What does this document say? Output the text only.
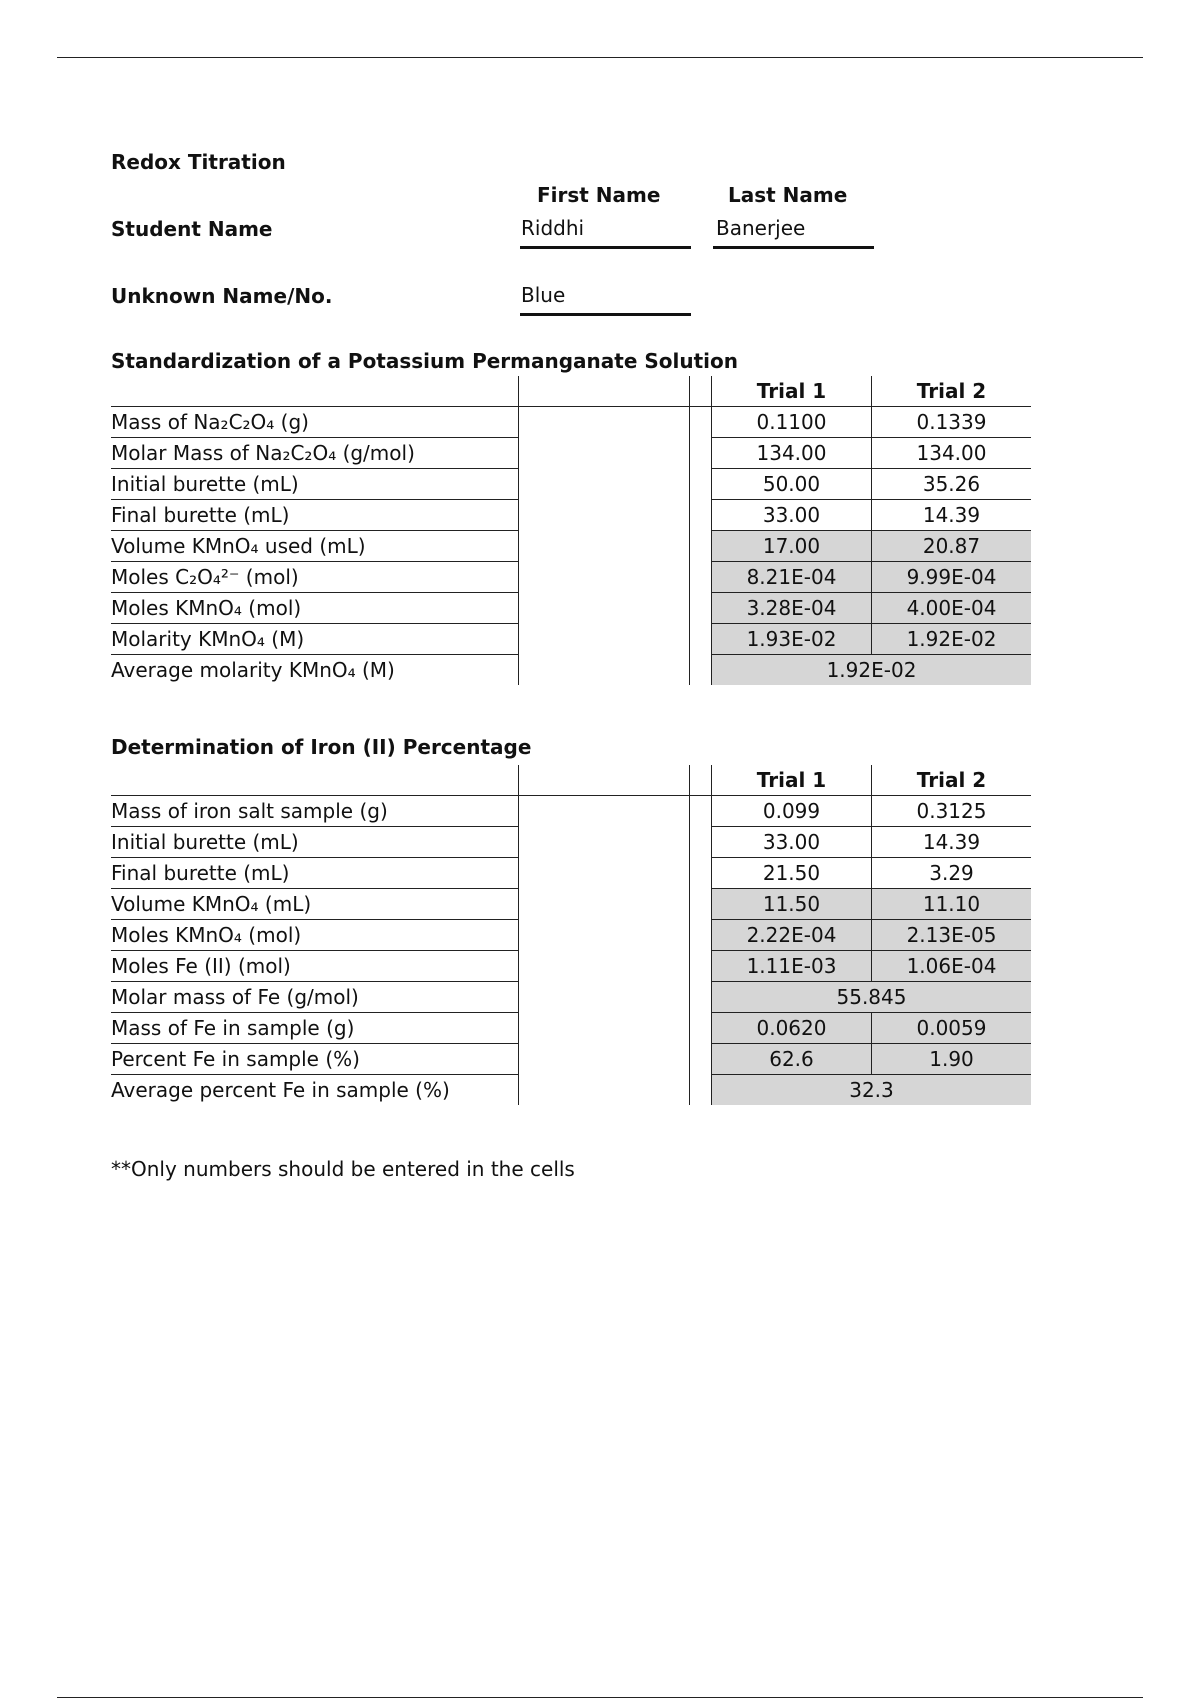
Redox Titration
First Name	Last Name
Student Name	Riddhi	Banerjee
Unknown Name/No.	Blue
Standardization of a Potassium Permanganate Solution
			Trial 1	Trial 2
Mass of Na₂C₂O₄ (g)			0.1100	0.1339
Molar Mass of Na₂C₂O₄ (g/mol)			134.00	134.00
Initial burette (mL)			50.00	35.26
Final burette (mL)			33.00	14.39
Volume KMnO₄ used (mL)			17.00	20.87
Moles C₂O₄²⁻ (mol)			8.21E-04	9.99E-04
Moles KMnO₄ (mol)			3.28E-04	4.00E-04
Molarity KMnO₄ (M)			1.93E-02	1.92E-02
Average molarity KMnO₄ (M)			1.92E-02	
Determination of Iron (II) Percentage
			Trial 1	Trial 2
Mass of iron salt sample (g)			0.099	0.3125
Initial burette (mL)			33.00	14.39
Final burette (mL)			21.50	3.29
Volume KMnO₄ (mL)			11.50	11.10
Moles KMnO₄ (mol)			2.22E-04	2.13E-05
Moles Fe (II) (mol)			1.11E-03	1.06E-04
Molar mass of Fe (g/mol)			55.845	
Mass of Fe in sample (g)			0.0620	0.0059
Percent Fe in sample (%)			62.6	1.90
Average percent Fe in sample (%)			32.3	
**Only numbers should be entered in the cells
